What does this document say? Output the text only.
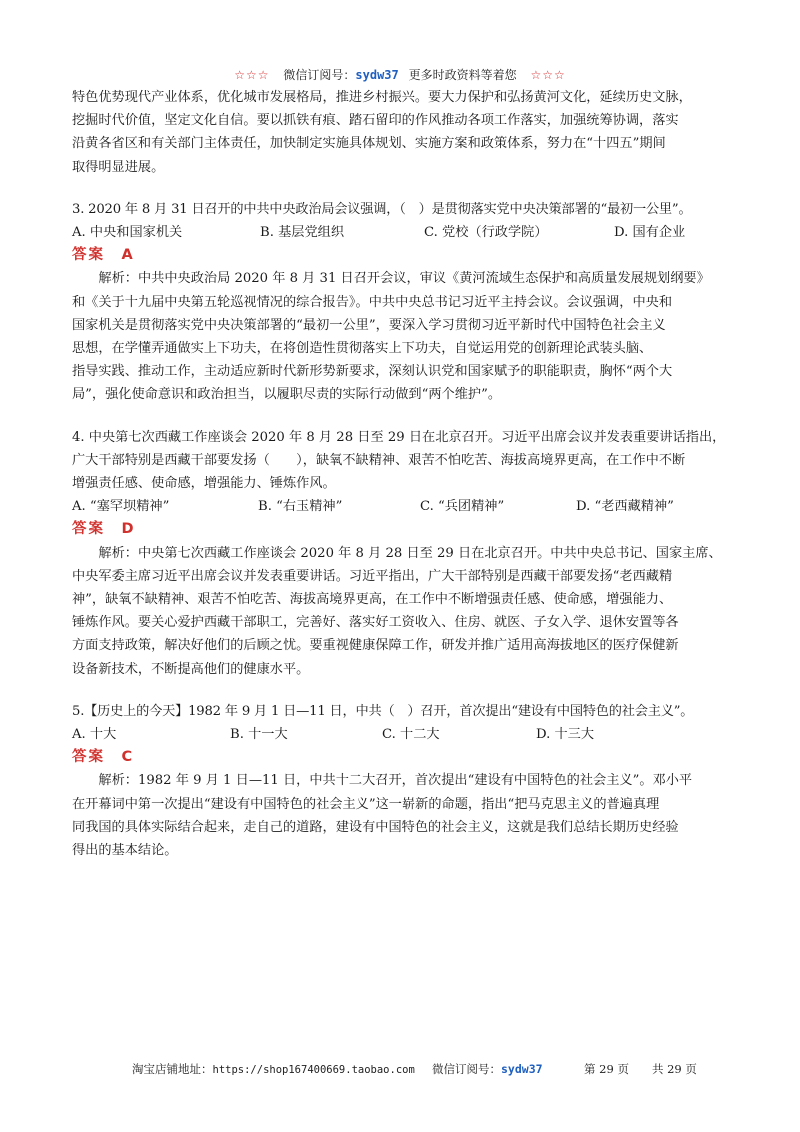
☆☆☆ 微信订阅号：sydw37 更多时政资料等着您 ☆☆☆

特色优势现代产业体系，优化城市发展格局，推进乡村振兴。要大力保护和弘扬黄河文化，延续历史文脉，

挖掘时代价值，坚定文化自信。要以抓铁有痕、踏石留印的作风推动各项工作落实，加强统筹协调，落实

沿黄各省区和有关部门主体责任，加快制定实施具体规划、实施方案和政策体系，努力在“十四五”期间

取得明显进展。

3. 2020 年 8 月 31 日召开的中共中央政治局会议强调，（　）是贯彻落实党中央决策部署的“最初一公里”。

A. 中央和国家机关	B. 基层党组织	C. 党校（行政学院）	D. 国有企业

答案　A

解析：中共中央政治局 2020 年 8 月 31 日召开会议，审议《黄河流域生态保护和高质量发展规划纲要》

和《关于十九届中央第五轮巡视情况的综合报告》。中共中央总书记习近平主持会议。会议强调，中央和

国家机关是贯彻落实党中央决策部署的“最初一公里”，要深入学习贯彻习近平新时代中国特色社会主义

思想，在学懂弄通做实上下功夫，在将创造性贯彻落实上下功夫，自觉运用党的创新理论武装头脑、

指导实践、推动工作，主动适应新时代新形势新要求，深刻认识党和国家赋予的职能职责，胸怀“两个大

局”，强化使命意识和政治担当，以履职尽责的实际行动做到“两个维护”。

4. 中央第七次西藏工作座谈会 2020 年 8 月 28 日至 29 日在北京召开。习近平出席会议并发表重要讲话指出，

广大干部特别是西藏干部要发扬（　　），缺氧不缺精神、艰苦不怕吃苦、海拔高境界更高，在工作中不断

增强责任感、使命感，增强能力、锤炼作风。

A. “塞罕坝精神”	B. “右玉精神”	C. “兵团精神”	D. “老西藏精神”

答案　D

解析：中央第七次西藏工作座谈会 2020 年 8 月 28 日至 29 日在北京召开。中共中央总书记、国家主席、

中央军委主席习近平出席会议并发表重要讲话。习近平指出，广大干部特别是西藏干部要发扬“老西藏精

神”，缺氧不缺精神、艰苦不怕吃苦、海拔高境界更高，在工作中不断增强责任感、使命感，增强能力、

锤炼作风。要关心爱护西藏干部职工，完善好、落实好工资收入、住房、就医、子女入学、退休安置等各

方面支持政策，解决好他们的后顾之忧。要重视健康保障工作，研发并推广适用高海拔地区的医疗保健新

设备新技术，不断提高他们的健康水平。

5.【历史上的今天】1982 年 9 月 1 日—11 日，中共（　）召开，首次提出“建设有中国特色的社会主义”。

A. 十大	B. 十一大	C. 十二大	D. 十三大

答案　C

解析：1982 年 9 月 1 日—11 日，中共十二大召开，首次提出“建设有中国特色的社会主义”。邓小平

在开幕词中第一次提出“建设有中国特色的社会主义”这一崭新的命题，指出“把马克思主义的普遍真理

同我国的具体实际结合起来，走自己的道路，建设有中国特色的社会主义，这就是我们总结长期历史经验

得出的基本结论。

淘宝店铺地址：https://shop167400669.taobao.com 微信订阅号：sydw37	第 29 页　　共 29 页
